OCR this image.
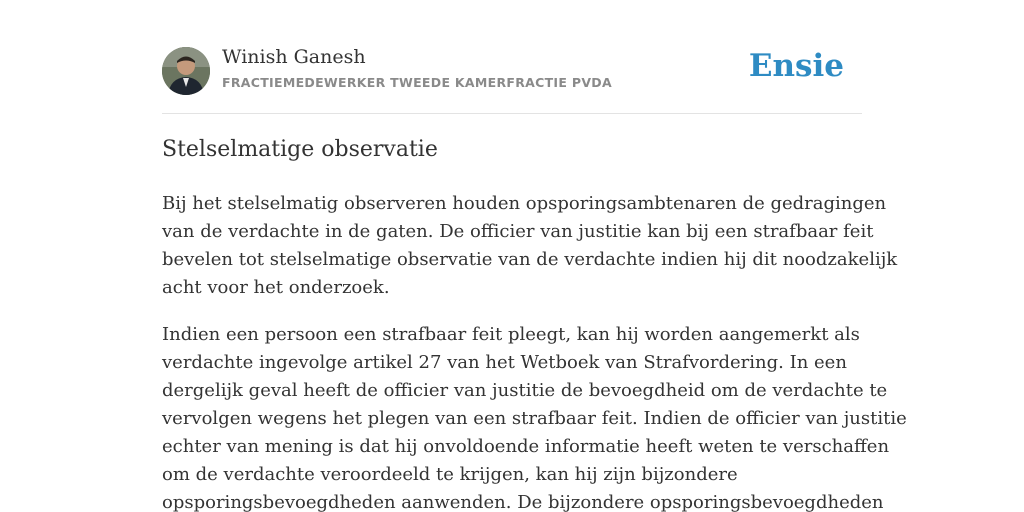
Winish Ganesh
FRACTIEMEDEWERKER TWEEDE KAMERFRACTIE PVDA	Ensie
Stelselmatige observatie

Bij het stelselmatig observeren houden opsporingsambtenaren de gedragingen
van de verdachte in de gaten. De officier van justitie kan bij een strafbaar feit
bevelen tot stelselmatige observatie van de verdachte indien hij dit noodzakelijk
acht voor het onderzoek.

Indien een persoon een strafbaar feit pleegt, kan hij worden aangemerkt als
verdachte ingevolge artikel 27 van het Wetboek van Strafvordering. In een
dergelijk geval heeft de officier van justitie de bevoegdheid om de verdachte te
vervolgen wegens het plegen van een strafbaar feit. Indien de officier van justitie
echter van mening is dat hij onvoldoende informatie heeft weten te verschaffen
om de verdachte veroordeeld te krijgen, kan hij zijn bijzondere
opsporingsbevoegdheden aanwenden. De bijzondere opsporingsbevoegdheden
